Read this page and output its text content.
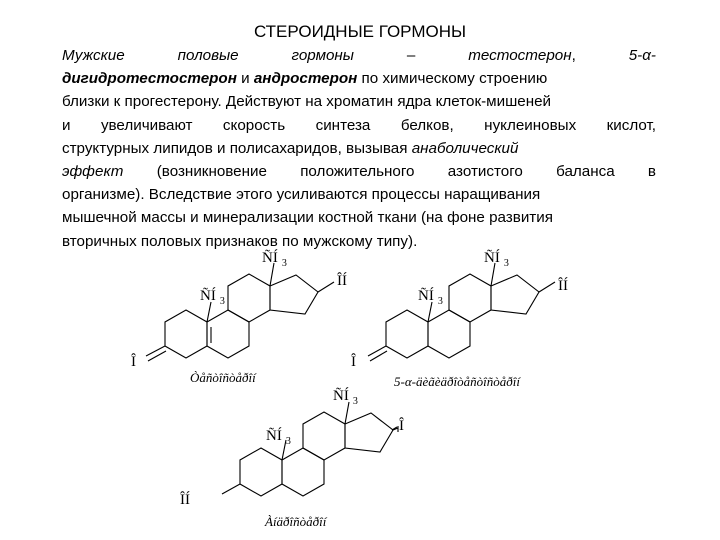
СТЕРОИДНЫЕ ГОРМОНЫ
Мужские	половые	гормоны	–	тестостерон,	5-α-
дигидротестостерон и андростерон по химическому строению
близки к прогестерону. Действуют на хроматин ядра клеток-мишеней
и увеличивают скорость синтеза белков, нуклеиновых кислот,
структурных липидов и полисахаридов, вызывая анаболический
эффект (возникновение положительного азотистого баланса в
организме). Вследствие этого усиливаются процессы наращивания
мышечной массы и минерализации костной ткани (на фоне развития
вторичных половых признаков по мужскому типу).
ÑÍ $_3$
ÑÍ $_3$
ÎÍ
Î
Òåñòîñòåðîí
ÑÍ $_3$
ÑÍ $_3$
ÎÍ
Î
5-α-äèãèäðîòåñòîñòåðîí
ÑÍ $_3$
ÑÍ $_3$
Î
ÎÍ
Àíäðîñòåðîí
